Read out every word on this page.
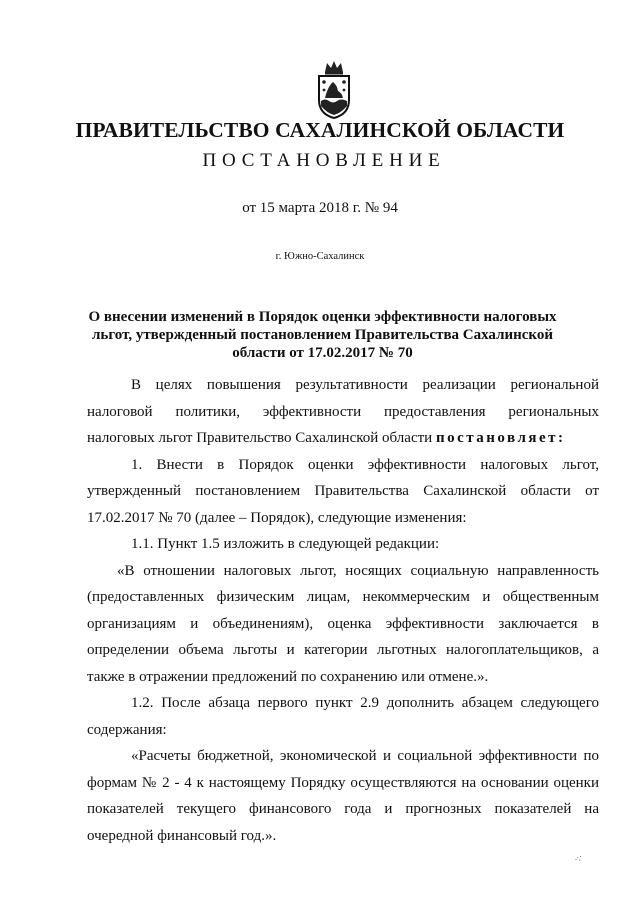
ПРАВИТЕЛЬСТВО САХАЛИНСКОЙ ОБЛАСТИ
ПОСТАНОВЛЕНИЕ
от 15 марта 2018 г. № 94
г. Южно-Сахалинск
О внесении изменений в Порядок оценки эффективности налоговых
льгот, утвержденный постановлением Правительства Сахалинской
области от 17.02.2017 № 70
В целях повышения результативности реализации региональной
налоговой политики, эффективности предоставления региональных
налоговых льгот Правительство Сахалинской области постановляет:
1. Внести в Порядок оценки эффективности налоговых льгот,
утвержденный постановлением Правительства Сахалинской области от
17.02.2017 № 70 (далее – Порядок), следующие изменения:
1.1. Пункт 1.5 изложить в следующей редакции:
«В отношении налоговых льгот, носящих социальную направленность
(предоставленных физическим лицам, некоммерческим и общественным
организациям и объединениям), оценка эффективности заключается в
определении объема льготы и категории льготных налогоплательщиков, а
также в отражении предложений по сохранению или отмене.».
1.2. После абзаца первого пункт 2.9 дополнить абзацем следующего
содержания:
«Расчеты бюджетной, экономической и социальной эффективности по
формам № 2 - 4 к настоящему Порядку осуществляются на основании оценки
показателей текущего финансового года и прогнозных показателей на
очередной финансовый год.».
·:·
